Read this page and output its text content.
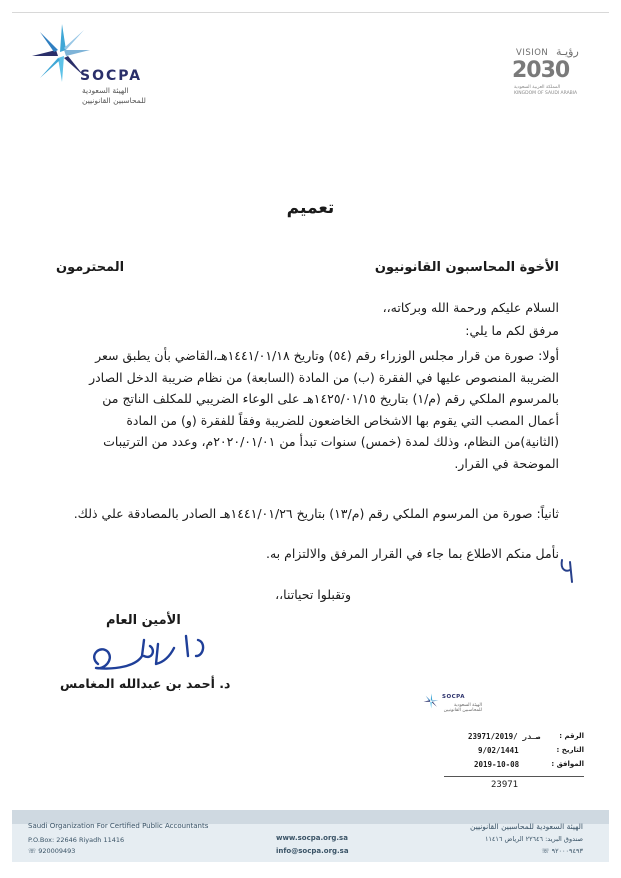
SOCPA
الهيئة السعودية
للمحاسبين القانونيين
VISION رؤيـة
2030
المملكة العربية السعودية
KINGDOM OF SAUDI ARABIA
تعميم
الأخوة المحاسبون القانونيون
المحترمون
السلام عليكم ورحمة الله وبركاته،،
مرفق لكم ما يلي:
أولا: صورة من قرار مجلس الوزراء رقم (٥٤) وتاريخ ١٤٤١/٠١/١٨هـ،القاضي بأن يطبق سعر
الضريبة المنصوص عليها في الفقرة (ب) من المادة (السابعة) من نظام ضريبة الدخل الصادر
بالمرسوم الملكي رقم (م/١) بتاريخ ١٤٢٥/٠١/١٥هـ على الوعاء الضريبي للمكلف الناتج من
أعمال المصب التي يقوم بها الاشخاص الخاضعون للضريبة وفقاً للفقرة (و) من المادة
(الثانية)من النظام، وذلك لمدة (خمس) سنوات تبدأ من ٢٠٢٠/٠١/٠١م، وعدد من الترتيبات
الموضحة في القرار.
ثانياً: صورة من المرسوم الملكي رقم (م/١٣) بتاريخ ١٤٤١/٠١/٢٦هـ الصادر بالمصادقة علي ذلك.
نأمل منكم الاطلاع بما جاء في القرار المرفق والالتزام به.
وتقبلوا تحياتنا،،
الأمين العام
د. أحمد بن عبدالله المغامس
SOCPA
الهيئة السعودية للمحاسبين القانونيين
23971/2019/ صـدر	الرقم :
9/02/1441	التاريخ :
2019-10-08	الموافق :
23971
Saudi Organization For Certified Public Accountants
P.O.Box: 22646 Riyadh 11416
☏ 920009493
www.socpa.org.sa
info@socpa.org.sa
الهيئة السعودية للمحاسبين القانونيين
صندوق البريد: ٢٢٦٤٦ الرياض ١١٤١٦
٩٢٠٠٠٩٤٩٣ ☏
